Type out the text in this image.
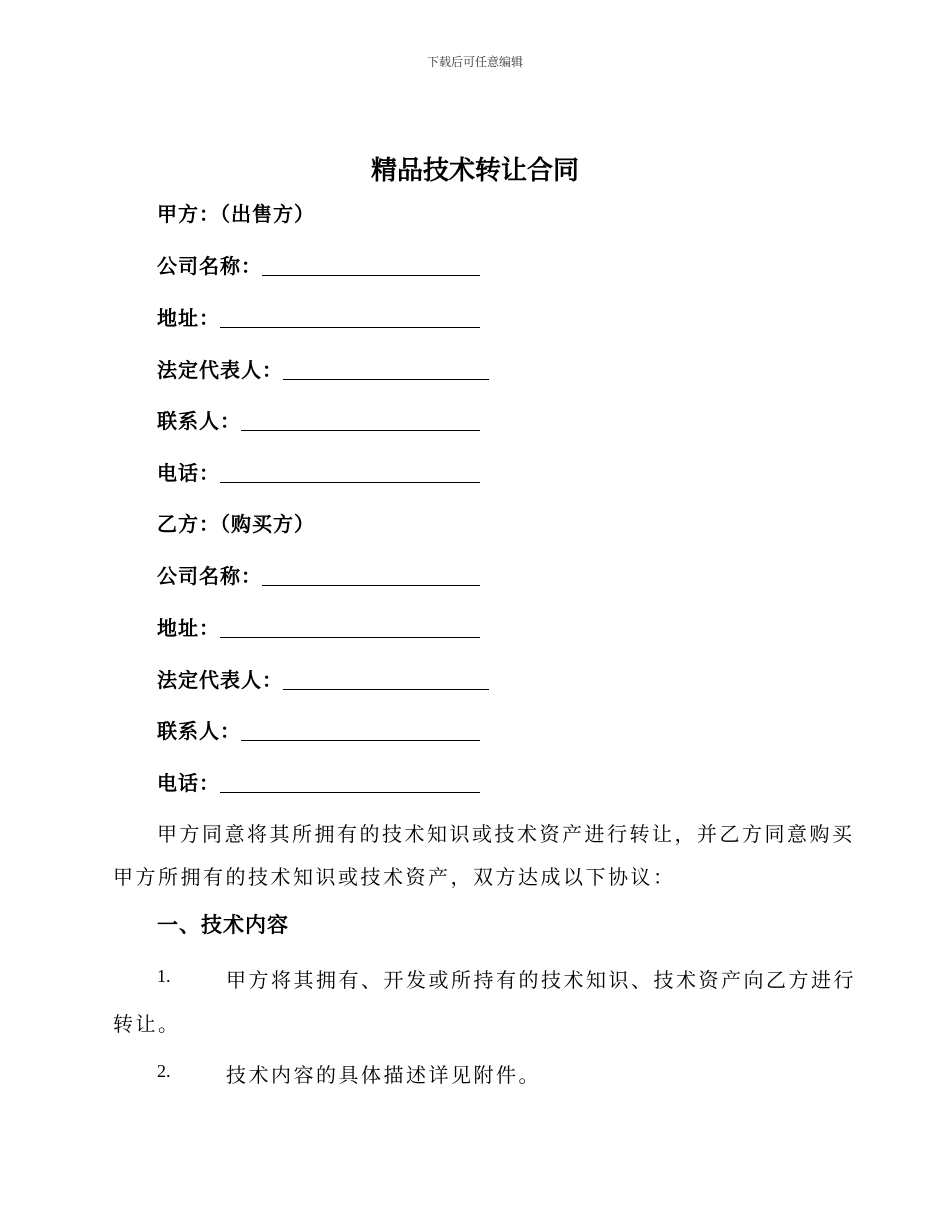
下载后可任意编辑
精品技术转让合同
甲方：（出售方）
公司名称：
地址：
法定代表人：
联系人：
电话：
乙方：（购买方）
公司名称：
地址：
法定代表人：
联系人：
电话：
甲方同意将其所拥有的技术知识或技术资产进行转让，并乙方同意购买
甲方所拥有的技术知识或技术资产，双方达成以下协议：
一、技术内容
1.	甲方将其拥有、开发或所持有的技术知识、技术资产向乙方进行
转让。
2.	技术内容的具体描述详见附件。
